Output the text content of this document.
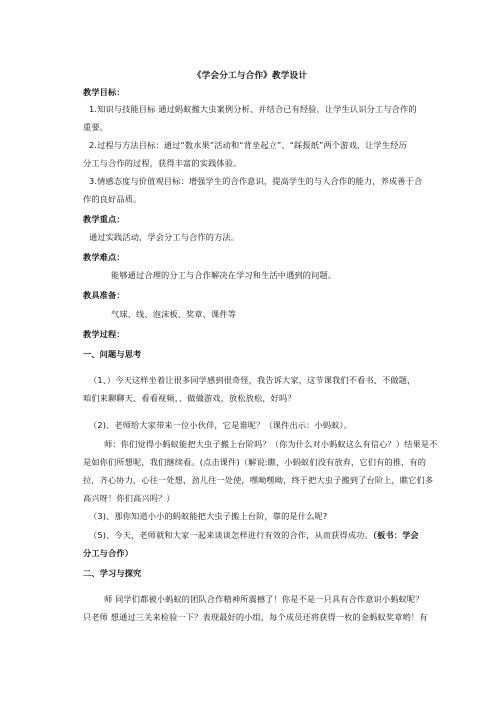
《学会分工与合作》教学设计
教学目标：
1.知识与技能目标 通过蚂蚁搬大虫案例分析、并结合已有经验，让学生认识分工与合作的
重要。
2.过程与方法目标：通过“数水果”活动和“背坐起立”、“踩报纸”两个游戏，让学生经历
分工与合作的过程，获得丰富的实践体验。
3.情感态度与价值观目标：增强学生的合作意识，提高学生的与人合作的能力，养成善于合
作的良好品质。
教学重点：
通过实践活动，学会分工与合作的方法。
教学难点：
能够通过合理的分工与合作解决在学习和生活中遇到的问题。
教具准备：
气球、线、泡沫板、奖章、课件等
教学过程：
一、问题与思考
（1、）今天这样坐着让很多同学感到很奇怪，我告诉大家，这节课我们不看书、不做题，
咱们来聊聊天、看看视频，、做做游戏，放松放松，好吗？
（2)、老师给大家带来一位小伙伴，它是谁呢？（课件出示：小蚂蚁）。
师：你们觉得小蚂蚁能把大虫子搬上台阶吗？（你为什么对小蚂蚁这么有信心？）结果是不
是如你们所想呢，我们继续看。(点击课件)（解说:瞧，小蚂蚁们没有放弃，它们有的推，有的
拉，齐心协力，心往一处想，劲儿往一处使，嘿呦嘿呦，终于把大虫子搬到了台阶上，瞧它们多
高兴呀！你们高兴吗？）
（3)、那你知道小小的蚂蚁能把大虫子搬上台阶，靠的是什么呢?
（5)、今天，老师就和大家一起来谈谈怎样进行有效的合作，从而获得成功。（板书：学会
分工与合作）
二、学习与探究
师 同学们都被小蚂蚁的团队合作精神所震撼了！你是不是一只具有合作意识小蚂蚁呢？
只老师 想通过三关来检验一下？表现最好的小组，每个成员还将获得一枚的金蚂蚁奖章哟！有
